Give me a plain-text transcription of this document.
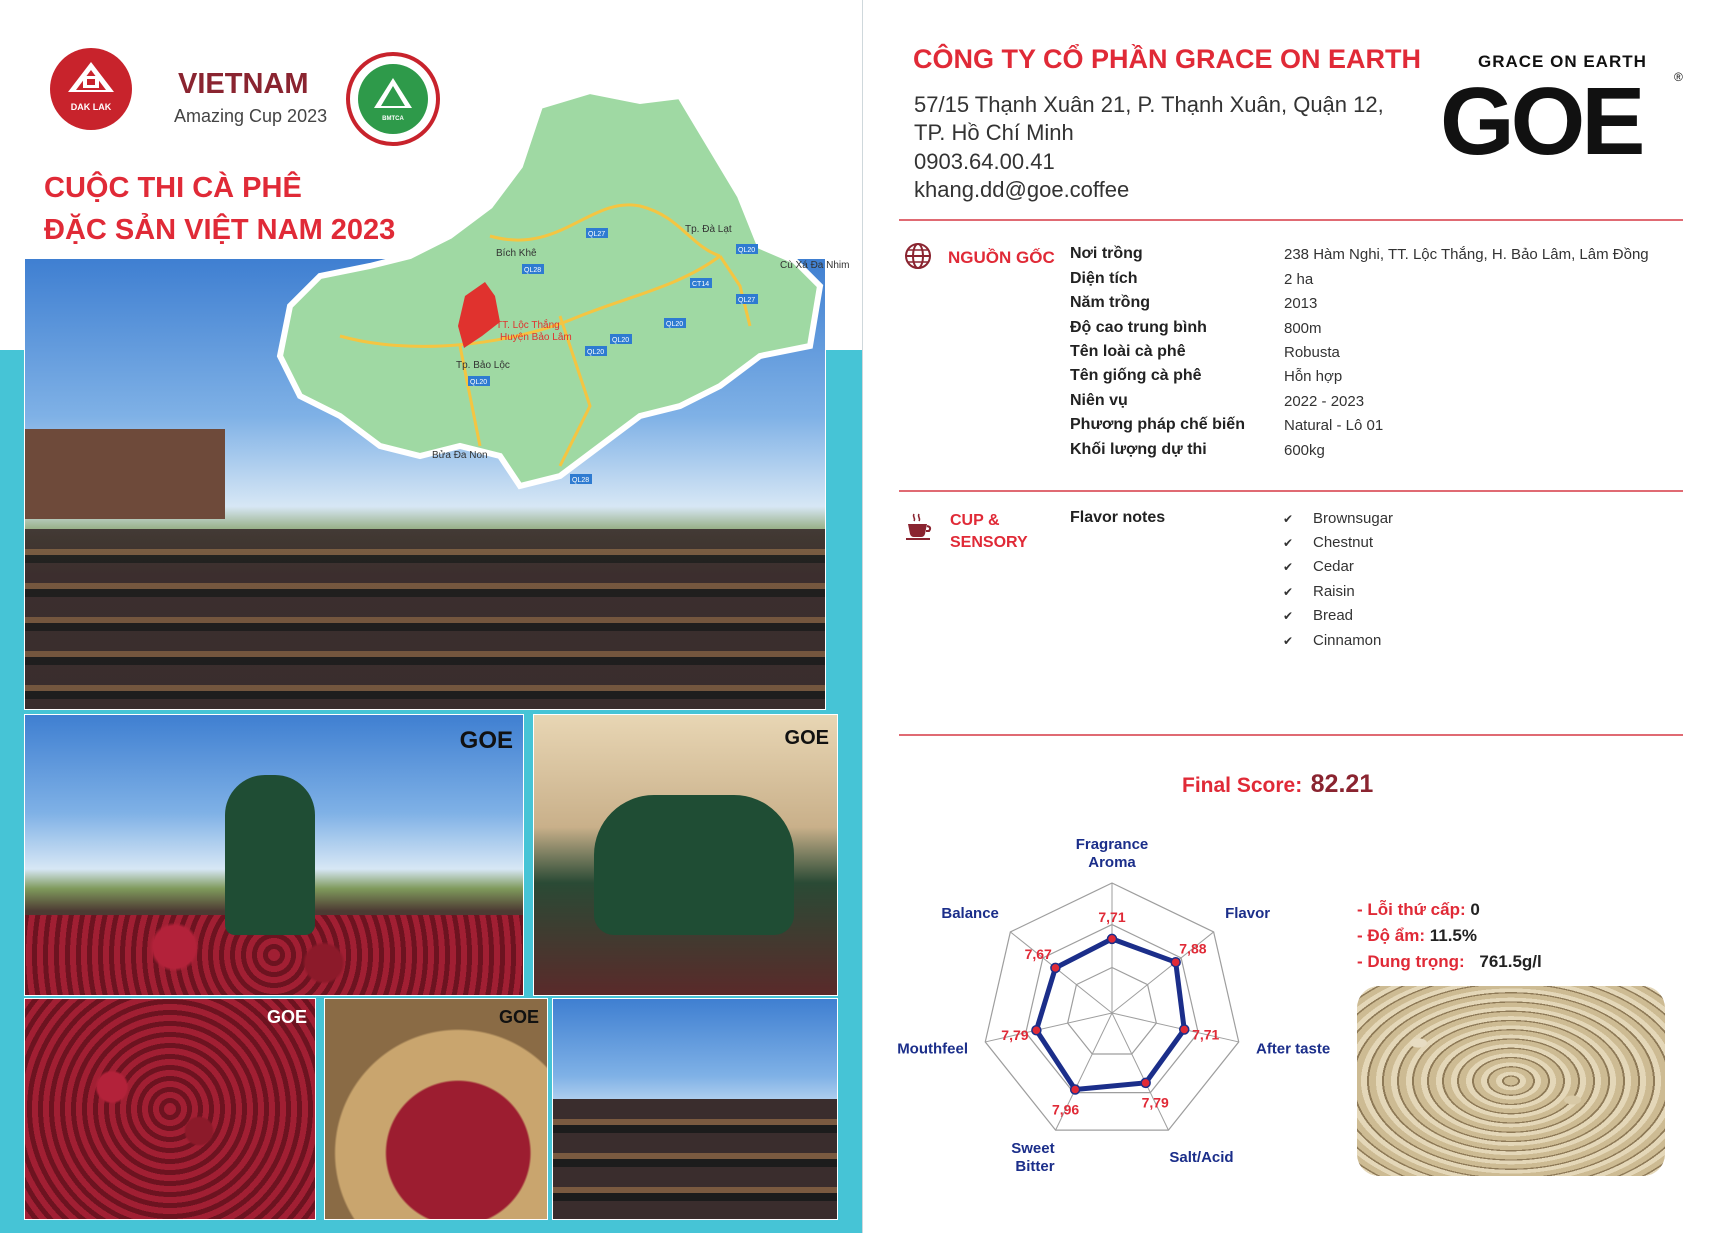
DAK LAK
VIETNAM
Amazing Cup 2023	BMTCA
CUỘC THI CÀ PHÊ
ĐẶC SẢN VIỆT NAM 2023
TT. Lộc Thắng
Huyện Bảo Lâm
Bích Khê
Tp. Đà Lạt
Cù Xá Đa Nhim
Tp. Bảo Lộc
Bửa Đa Non
QL28
QL27
QL20
CT14
QL20
QL27
QL20
QL20
QL20
QL28
GOE	GOE
GOE	GOE
CÔNG TY CỔ PHẦN GRACE ON EARTH
57/15 Thạnh Xuân 21, P. Thạnh Xuân, Quận 12,
TP. Hồ Chí Minh
0903.64.00.41
khang.dd@goe.coffee
GRACE ON EARTH
GOE	®
NGUỒN GỐC Nơi trồng	238 Hàm Nghi, TT. Lộc Thắng, H. Bảo Lâm, Lâm Đồng
Diện tích	2 ha
Năm trồng	2013
Độ cao trung bình	800m
Tên loài cà phê	Robusta
Tên giống cà phê	Hỗn hợp
Niên vụ	2022 - 2023
Phương pháp chế biến	Natural - Lô 01
Khối lượng dự thi	600kg
CUP &
SENSORY
Flavor notes	✔ Brownsugar
✔ Chestnut
✔ Cedar
✔ Raisin
✔ Bread
✔ Cinnamon
Final Score: 82.21
7,71
Fragrance
Aroma
7,88
Flavor
7,71
After taste
7,79
Salt/Acid
7,96
Sweet
Bitter
7,79
Mouthfeel
7,67
Balance	- Lỗi thứ cấp: 0
- Độ ẩm: 11.5%
- Dung trọng: 761.5g/l
